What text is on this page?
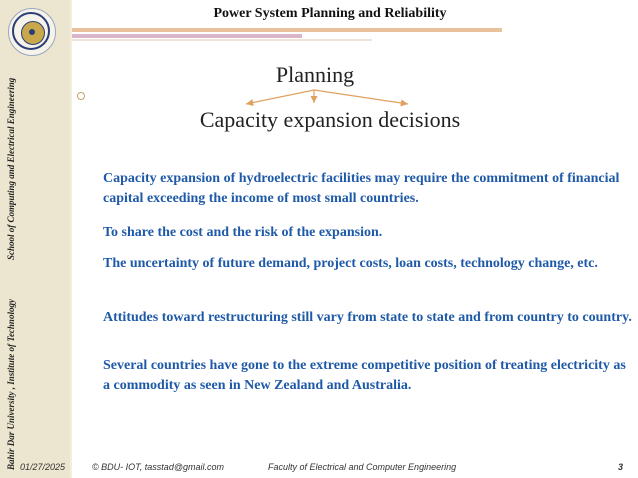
School of Computing and Electrical Engineering
Bahir Dar University , Institute of Technology
Power System Planning and Reliability
Planning
Capacity expansion decisions
Capacity expansion of hydroelectric facilities may require the commitment of financial capital exceeding the income of most small countries.
To share the cost and the risk of the expansion.
The uncertainty of future demand, project costs, loan costs, technology change, etc.
Attitudes toward restructuring still vary from state to state and from country to country.
Several countries have gone to the extreme competitive position of treating electricity as a commodity as seen in New Zealand and Australia.
01/27/2025	© BDU- IOT, tasstad@gmail.com	Faculty of Electrical and Computer Engineering	3
